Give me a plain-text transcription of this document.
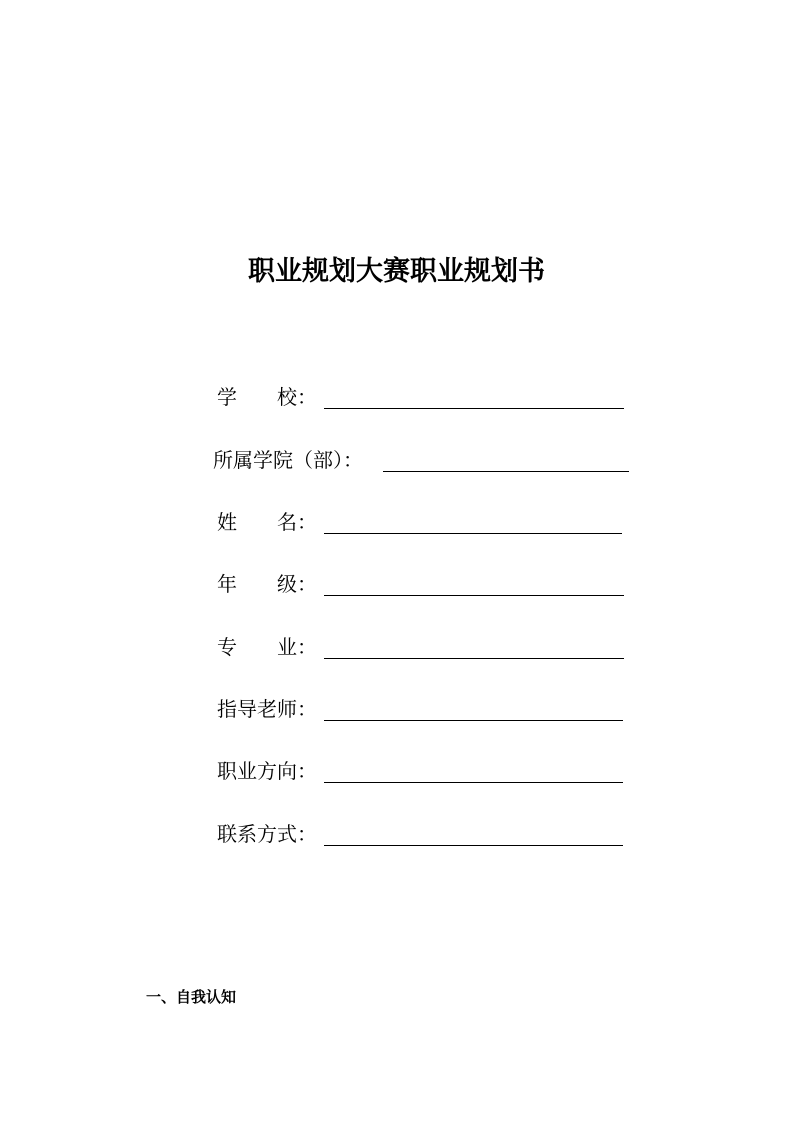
职业规划大赛职业规划书
学　　校：
所属学院（部）：
姓　　名：
年　　级：
专　　业：
指导老师：
职业方向：
联系方式：
一、自我认知
